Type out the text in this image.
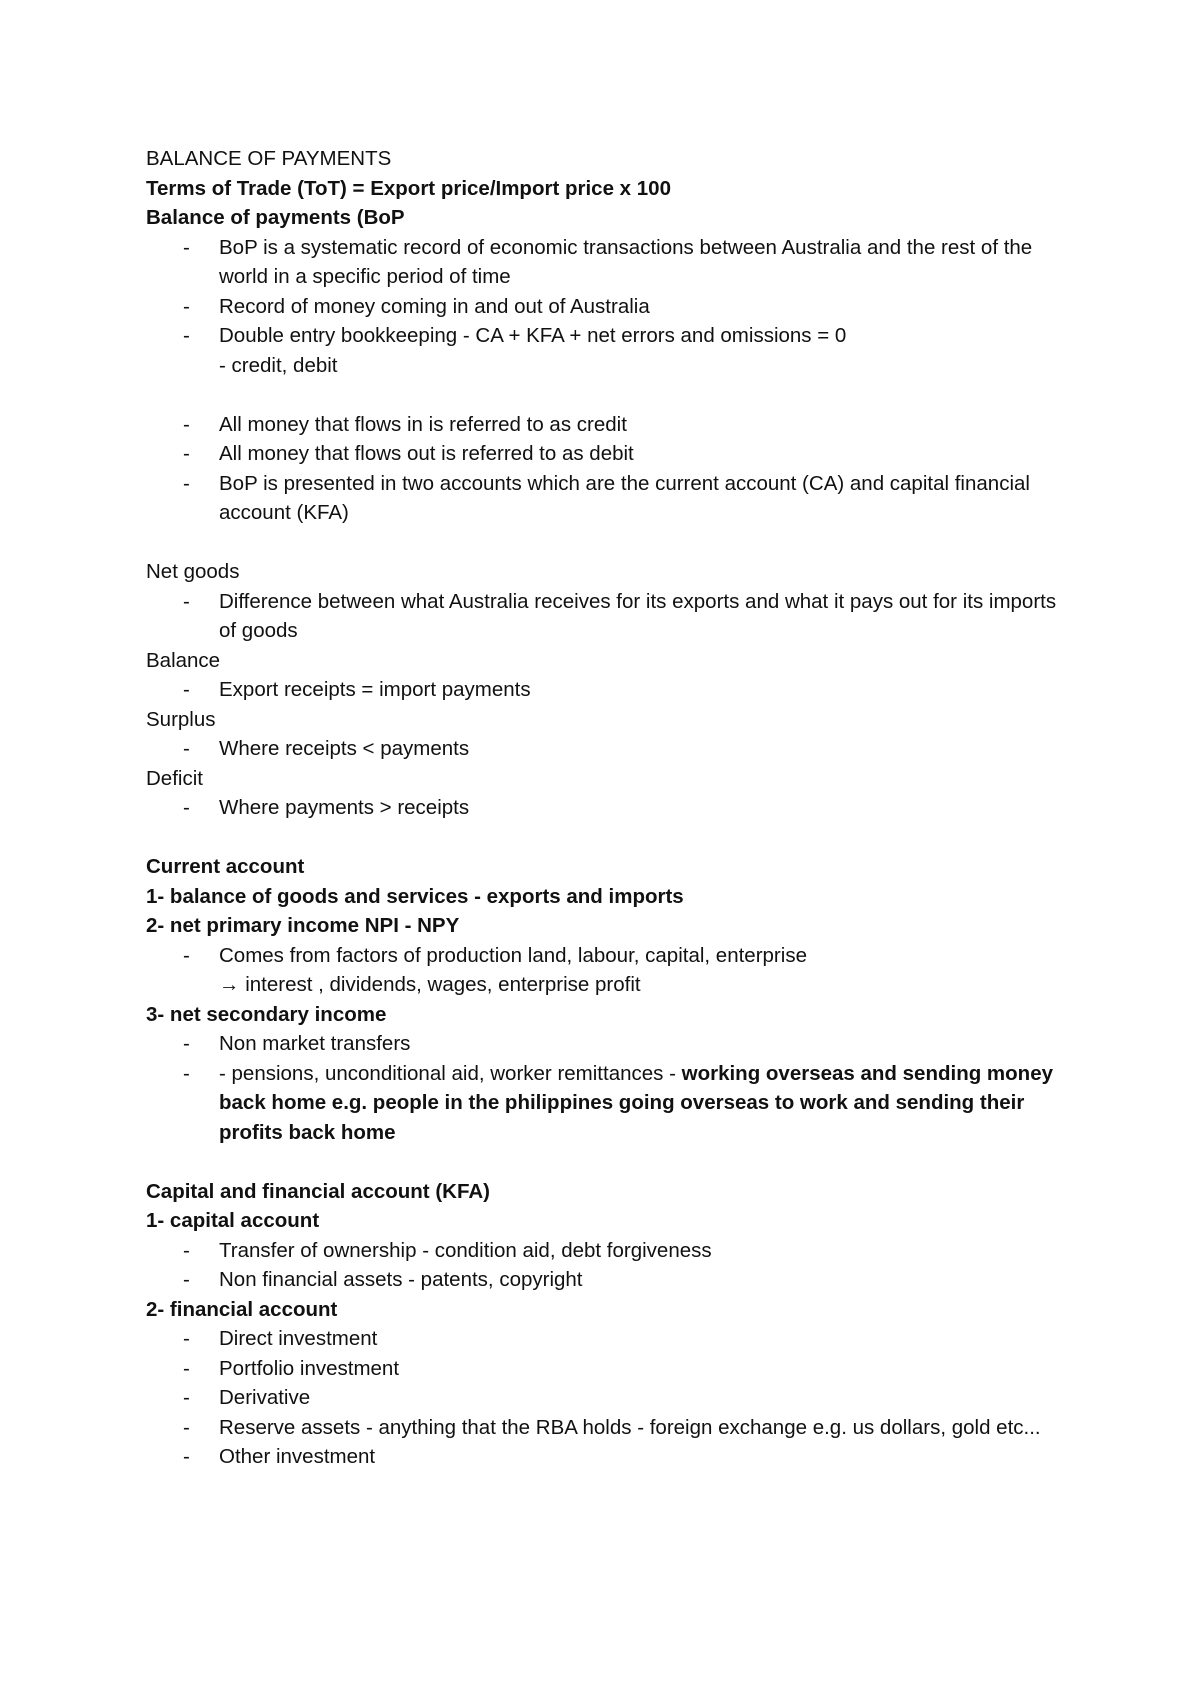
BALANCE OF PAYMENTS
Terms of Trade (ToT) = Export price/Import price x 100
Balance of payments (BoP
- BoP is a systematic record of economic transactions between Australia and the rest of the world in a specific period of time
- Record of money coming in and out of Australia
- Double entry bookkeeping - CA + KFA + net errors and omissions = 0
- credit, debit
- All money that flows in is referred to as credit
- All money that flows out is referred to as debit
- BoP is presented in two accounts which are the current account (CA) and capital financial account (KFA)
Net goods
- Difference between what Australia receives for its exports and what it pays out for its imports of goods
Balance
- Export receipts = import payments
Surplus
- Where receipts < payments
Deficit
- Where payments > receipts
Current account
1- balance of goods and services - exports and imports
2- net primary income NPI - NPY
- Comes from factors of production land, labour, capital, enterprise
→ interest , dividends, wages, enterprise profit
3- net secondary income
- Non market transfers
- - pensions, unconditional aid, worker remittances - working overseas and sending money back home e.g. people in the philippines going overseas to work and sending their profits back home
Capital and financial account (KFA)
1- capital account
- Transfer of ownership - condition aid, debt forgiveness
- Non financial assets - patents, copyright
2- financial account
- Direct investment
- Portfolio investment
- Derivative
- Reserve assets - anything that the RBA holds - foreign exchange e.g. us dollars, gold etc...
- Other investment
